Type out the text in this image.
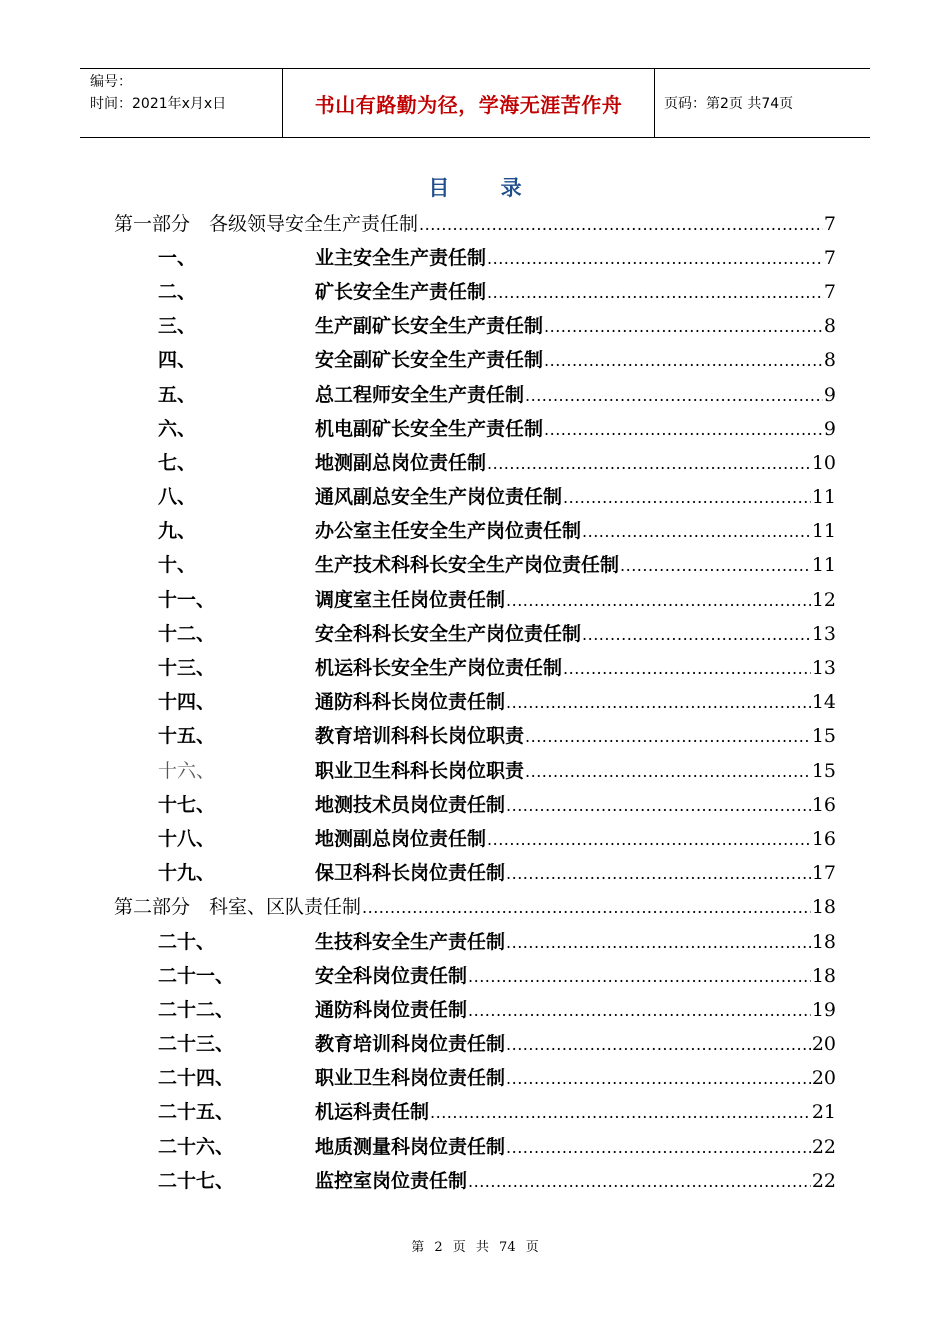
编号：
时间：2021年x月x日	书山有路勤为径，学海无涯苦作舟	页码：第2页 共74页
目 录
第一部分　各级领导安全生产责任制 .....	7
一、	业主安全生产责任制 .....	7
二、	矿长安全生产责任制 .....	7
三、	生产副矿长安全生产责任制 .....	8
四、	安全副矿长安全生产责任制 .....	8
五、	总工程师安全生产责任制 .....	9
六、	机电副矿长安全生产责任制 .....	9
七、	地测副总岗位责任制 .....	10
八、	通风副总安全生产岗位责任制 .....	11
九、	办公室主任安全生产岗位责任制 .....	11
十、	生产技术科科长安全生产岗位责任制 .....	11
十一、	调度室主任岗位责任制 .....	12
十二、	安全科科长安全生产岗位责任制 .....	13
十三、	机运科长安全生产岗位责任制 .....	13
十四、	通防科科长岗位责任制 .....	14
十五、	教育培训科科长岗位职责 .....	15
十六、	职业卫生科科长岗位职责 .....	15
十七、	地测技术员岗位责任制 .....	16
十八、	地测副总岗位责任制 .....	16
十九、	保卫科科长岗位责任制 .....	17
第二部分　科室、区队责任制 .....	18
二十、	生技科安全生产责任制 .....	18
二十一、	安全科岗位责任制 .....	18
二十二、	通防科岗位责任制 .....	19
二十三、	教育培训科岗位责任制 .....	20
二十四、	职业卫生科岗位责任制 .....	20
二十五、	机运科责任制 .....	21
二十六、	地质测量科岗位责任制 .....	22
二十七、	监控室岗位责任制 .....	22
第 2 页 共 74 页
